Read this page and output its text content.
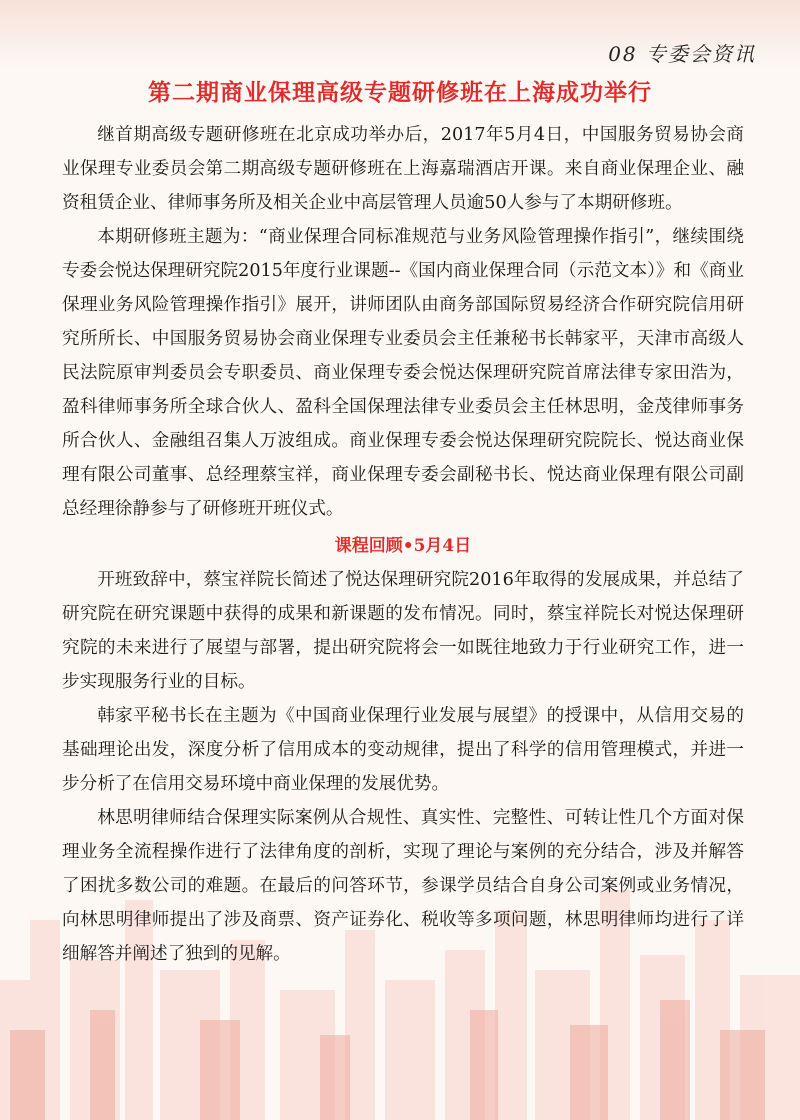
08 专委会资讯
第二期商业保理高级专题研修班在上海成功举行

继首期高级专题研修班在北京成功举办后，2017年5月4日，中国服务贸易协会商业保理专业委员会第二期高级专题研修班在上海嘉瑞酒店开课。来自商业保理企业、融资租赁企业、律师事务所及相关企业中高层管理人员逾50人参与了本期研修班。

本期研修班主题为：“商业保理合同标准规范与业务风险管理操作指引”，继续围绕专委会悦达保理研究院2015年度行业课题--《国内商业保理合同（示范文本）》和《商业保理业务风险管理操作指引》展开，讲师团队由商务部国际贸易经济合作研究院信用研究所所长、中国服务贸易协会商业保理专业委员会主任兼秘书长韩家平，天津市高级人民法院原审判委员会专职委员、商业保理专委会悦达保理研究院首席法律专家田浩为，盈科律师事务所全球合伙人、盈科全国保理法律专业委员会主任林思明，金茂律师事务所合伙人、金融组召集人万波组成。商业保理专委会悦达保理研究院院长、悦达商业保理有限公司董事、总经理蔡宝祥，商业保理专委会副秘书长、悦达商业保理有限公司副总经理徐静参与了研修班开班仪式。

课程回顾•5月4日

开班致辞中，蔡宝祥院长简述了悦达保理研究院2016年取得的发展成果，并总结了研究院在研究课题中获得的成果和新课题的发布情况。同时，蔡宝祥院长对悦达保理研究院的未来进行了展望与部署，提出研究院将会一如既往地致力于行业研究工作，进一步实现服务行业的目标。

韩家平秘书长在主题为《中国商业保理行业发展与展望》的授课中，从信用交易的基础理论出发，深度分析了信用成本的变动规律，提出了科学的信用管理模式，并进一步分析了在信用交易环境中商业保理的发展优势。

林思明律师结合保理实际案例从合规性、真实性、完整性、可转让性几个方面对保理业务全流程操作进行了法律角度的剖析，实现了理论与案例的充分结合，涉及并解答了困扰多数公司的难题。在最后的问答环节，参课学员结合自身公司案例或业务情况，向林思明律师提出了涉及商票、资产证券化、税收等多项问题，林思明律师均进行了详细解答并阐述了独到的见解。
